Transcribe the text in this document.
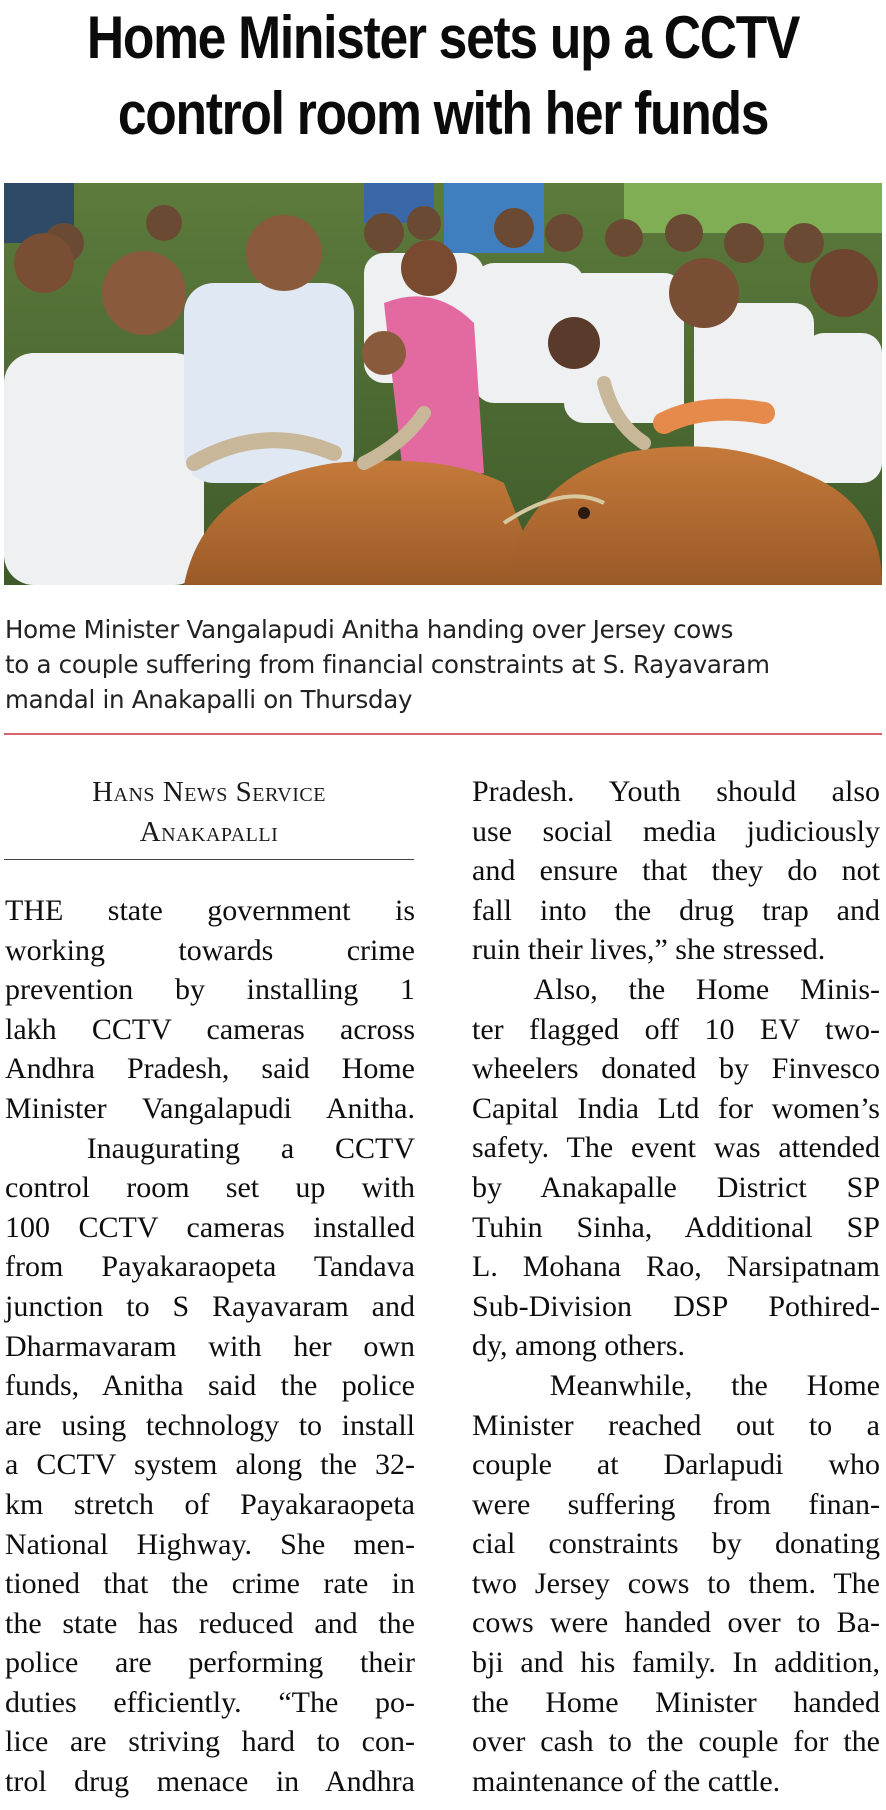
Home Minister sets up a CCTV
control room with her funds
Home Minister Vangalapudi Anitha handing over Jersey cows
to a couple suffering from financial constraints at S. Rayavaram
mandal in Anakapalli on Thursday
Hans News Service
Anakapalli
THE state government is
working towards crime
prevention by installing 1
lakh CCTV cameras across
Andhra Pradesh, said Home
Minister Vangalapudi Anitha.
Inaugurating a CCTV
control room set up with
100 CCTV cameras installed
from Payakaraopeta Tandava
junction to S Rayavaram and
Dharmavaram with her own
funds, Anitha said the police
are using technology to install
a CCTV system along the 32-
km stretch of Payakaraopeta
National Highway. She men-
tioned that the crime rate in
the state has reduced and the
police are performing their
duties efficiently. “The po-
lice are striving hard to con-
trol drug menace in Andhra
Pradesh. Youth should also
use social media judiciously
and ensure that they do not
fall into the drug trap and
ruin their lives,” she stressed.
Also, the Home Minis-
ter flagged off 10 EV two-
wheelers donated by Finvesco
Capital India Ltd for women’s
safety. The event was attended
by Anakapalle District SP
Tuhin Sinha, Additional SP
L. Mohana Rao, Narsipatnam
Sub-Division DSP Pothired-
dy, among others.
Meanwhile, the Home
Minister reached out to a
couple at Darlapudi who
were suffering from finan-
cial constraints by donating
two Jersey cows to them. The
cows were handed over to Ba-
bji and his family. In addition,
the Home Minister handed
over cash to the couple for the
maintenance of the cattle.
